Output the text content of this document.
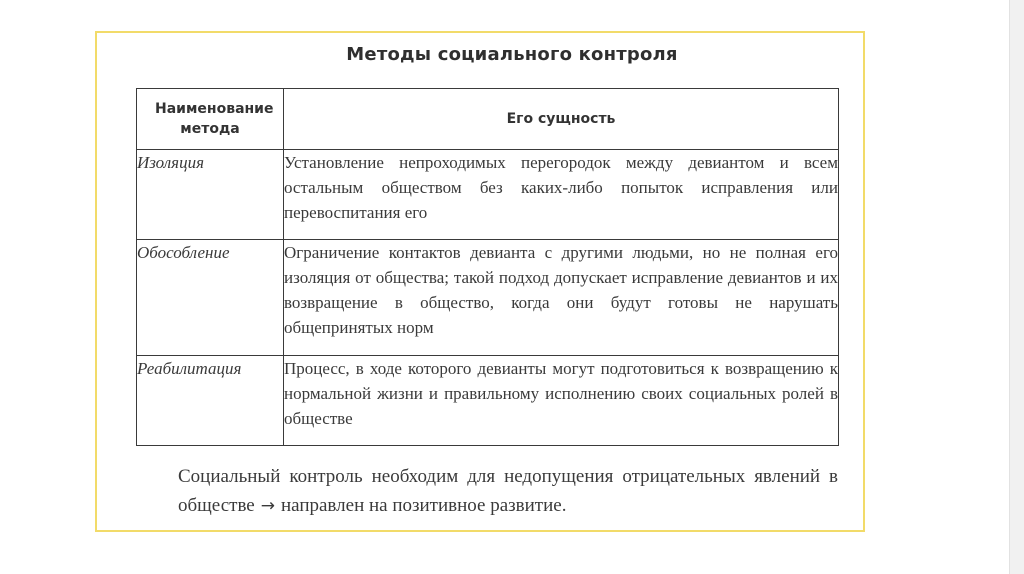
Методы социального контроля
Наименование метода	Его сущность
Изоляция	Установление непроходимых перегородок между девиантом и всем остальным обществом без каких-либо попыток исправления или перевоспитания его
Обособление	Ограничение контактов девианта с другими людьми, но не полная его изоляция от общества; такой подход допускает исправление девиантов и их возвращение в общество, когда они будут готовы не нарушать общепринятых норм
Реабилитация	Процесс, в ходе которого девианты могут подготовиться к возвращению к нормальной жизни и правильному исполнению своих социальных ролей в обществе
Социальный контроль необходим для недопущения отрицательных явлений в обществе → направлен на позитивное развитие.
